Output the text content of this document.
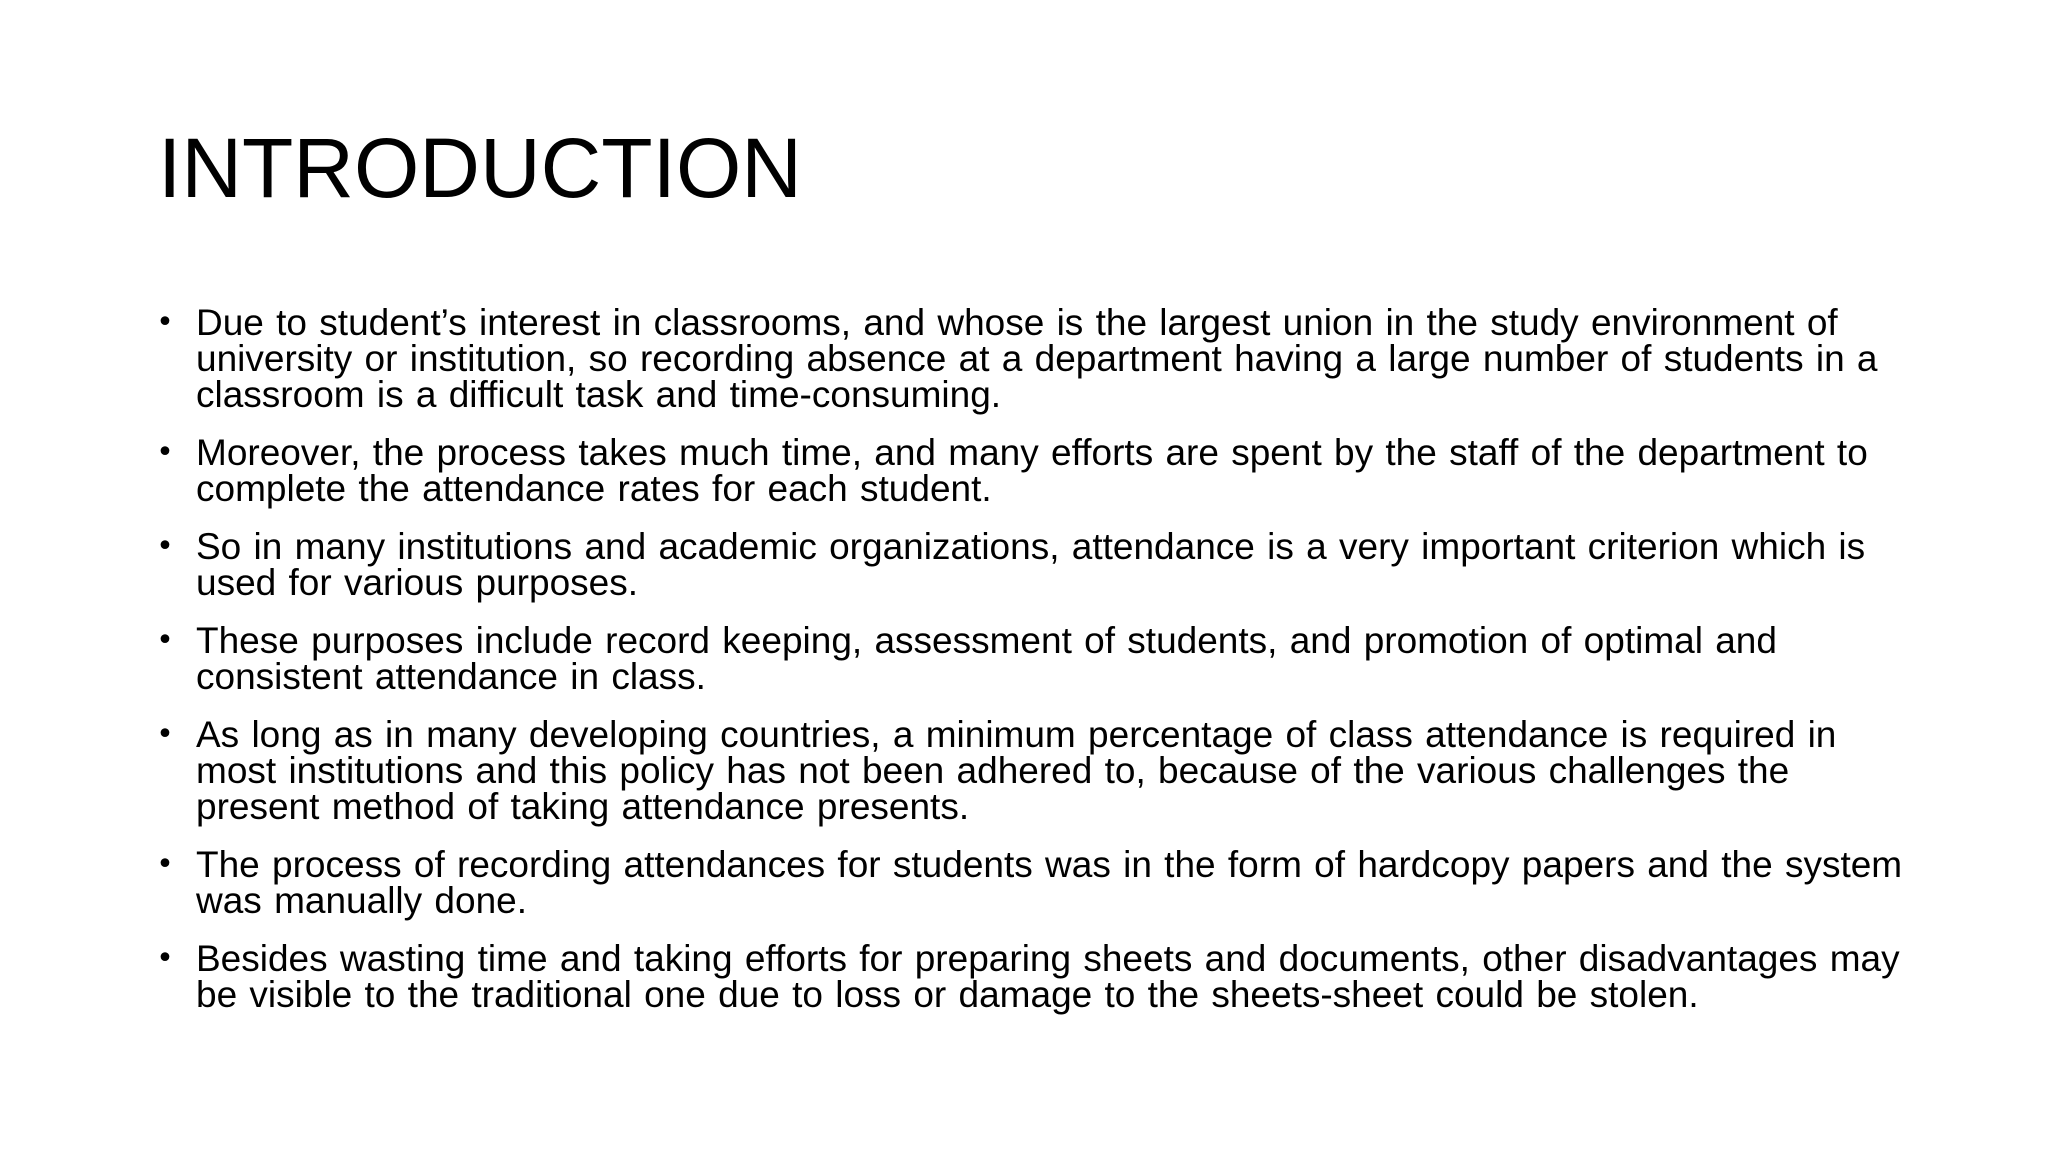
INTRODUCTION
• Due to student’s interest in classrooms, and whose is the largest union in the study environment of university or institution, so recording absence at a department having a large number of students in a classroom is a difficult task and time-consuming.
• Moreover, the process takes much time, and many efforts are spent by the staff of the department to complete the attendance rates for each student.
• So in many institutions and academic organizations, attendance is a very important criterion which is used for various purposes.
• These purposes include record keeping, assessment of students, and promotion of optimal and consistent attendance in class.
• As long as in many developing countries, a minimum percentage of class attendance is required in most institutions and this policy has not been adhered to, because of the various challenges the present method of taking attendance presents.
• The process of recording attendances for students was in the form of hardcopy papers and the system was manually done.
• Besides wasting time and taking efforts for preparing sheets and documents, other disadvantages may be visible to the traditional one due to loss or damage to the sheets-sheet could be stolen.
